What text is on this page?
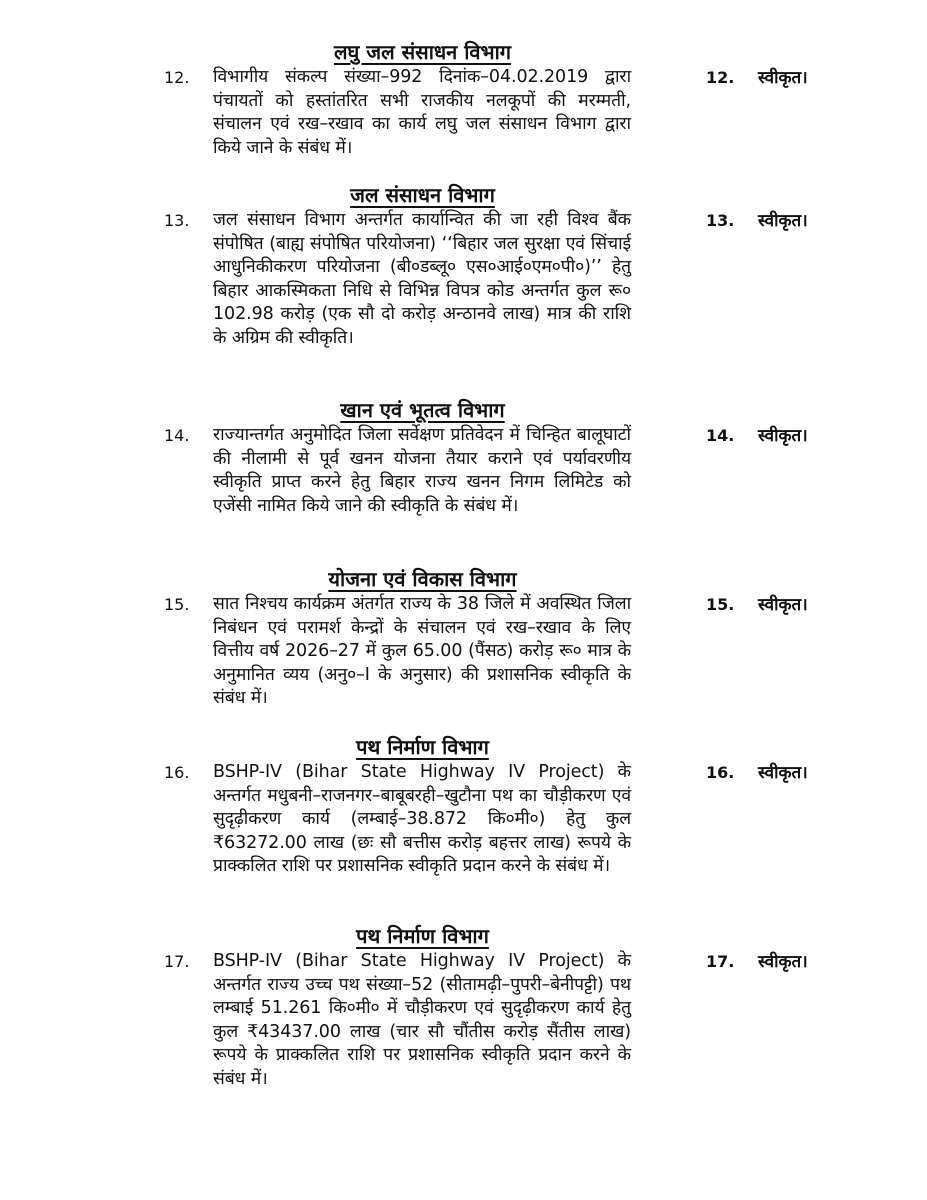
लघु जल संसाधन विभाग
12.	विभागीय संकल्प संख्या–992 दिनांक–04.02.2019 द्वारा पंचायतों को हस्तांतरित सभी राजकीय नलकूपों की मरम्मती, संचालन एवं रख–रखाव का कार्य लघु जल संसाधन विभाग द्वारा किये जाने के संबंध में।
12.	स्वीकृत।
जल संसाधन विभाग
13.	जल संसाधन विभाग अन्तर्गत कार्यान्वित की जा रही विश्व बैंक संपोषित (बाह्य संपोषित परियोजना) ‘‘बिहार जल सुरक्षा एवं सिंचाई आधुनिकीकरण परियोजना (बी०डब्लू० एस०आई०एम०पी०)’’ हेतु बिहार आकस्मिकता निधि से विभिन्न विपत्र कोड अन्तर्गत कुल रू० 102.98 करोड़ (एक सौ दो करोड़ अन्ठानवे लाख) मात्र की राशि के अग्रिम की स्वीकृति।
13.	स्वीकृत।
खान एवं भूतत्व विभाग
14.	राज्यान्तर्गत अनुमोदित जिला सर्वेक्षण प्रतिवेदन में चिन्हित बालूघाटों की नीलामी से पूर्व खनन योजना तैयार कराने एवं पर्यावरणीय स्वीकृति प्राप्त करने हेतु बिहार राज्य खनन निगम लिमिटेड को एजेंसी नामित किये जाने की स्वीकृति के संबंध में।
14.	स्वीकृत।
योजना एवं विकास विभाग
15.	सात निश्चय कार्यक्रम अंतर्गत राज्य के 38 जिले में अवस्थित जिला निबंधन एवं परामर्श केन्द्रों के संचालन एवं रख–रखाव के लिए वित्तीय वर्ष 2026–27 में कुल 65.00 (पैंसठ) करोड़ रू० मात्र के अनुमानित व्यय (अनु०–I के अनुसार) की प्रशासनिक स्वीकृति के संबंध में।
15.	स्वीकृत।
पथ निर्माण विभाग
16.	BSHP-IV (Bihar State Highway IV Project) के अन्तर्गत मधुबनी–राजनगर–बाबूबरही–खुटौना पथ का चौड़ीकरण एवं सुदृढ़ीकरण कार्य (लम्बाई–38.872 कि०मी०) हेतु कुल ₹63272.00 लाख (छः सौ बत्तीस करोड़ बहत्तर लाख) रूपये के प्राक्कलित राशि पर प्रशासनिक स्वीकृति प्रदान करने के संबंध में।
16.	स्वीकृत।
पथ निर्माण विभाग
17.	BSHP-IV (Bihar State Highway IV Project) के अन्तर्गत राज्य उच्च पथ संख्या–52 (सीतामढ़ी–पुपरी–बेनीपट्टी) पथ लम्बाई 51.261 कि०मी० में चौड़ीकरण एवं सुदृढ़ीकरण कार्य हेतु कुल ₹43437.00 लाख (चार सौ चौंतीस करोड़ सैंतीस लाख) रूपये के प्राक्कलित राशि पर प्रशासनिक स्वीकृति प्रदान करने के संबंध में।
17.	स्वीकृत।
